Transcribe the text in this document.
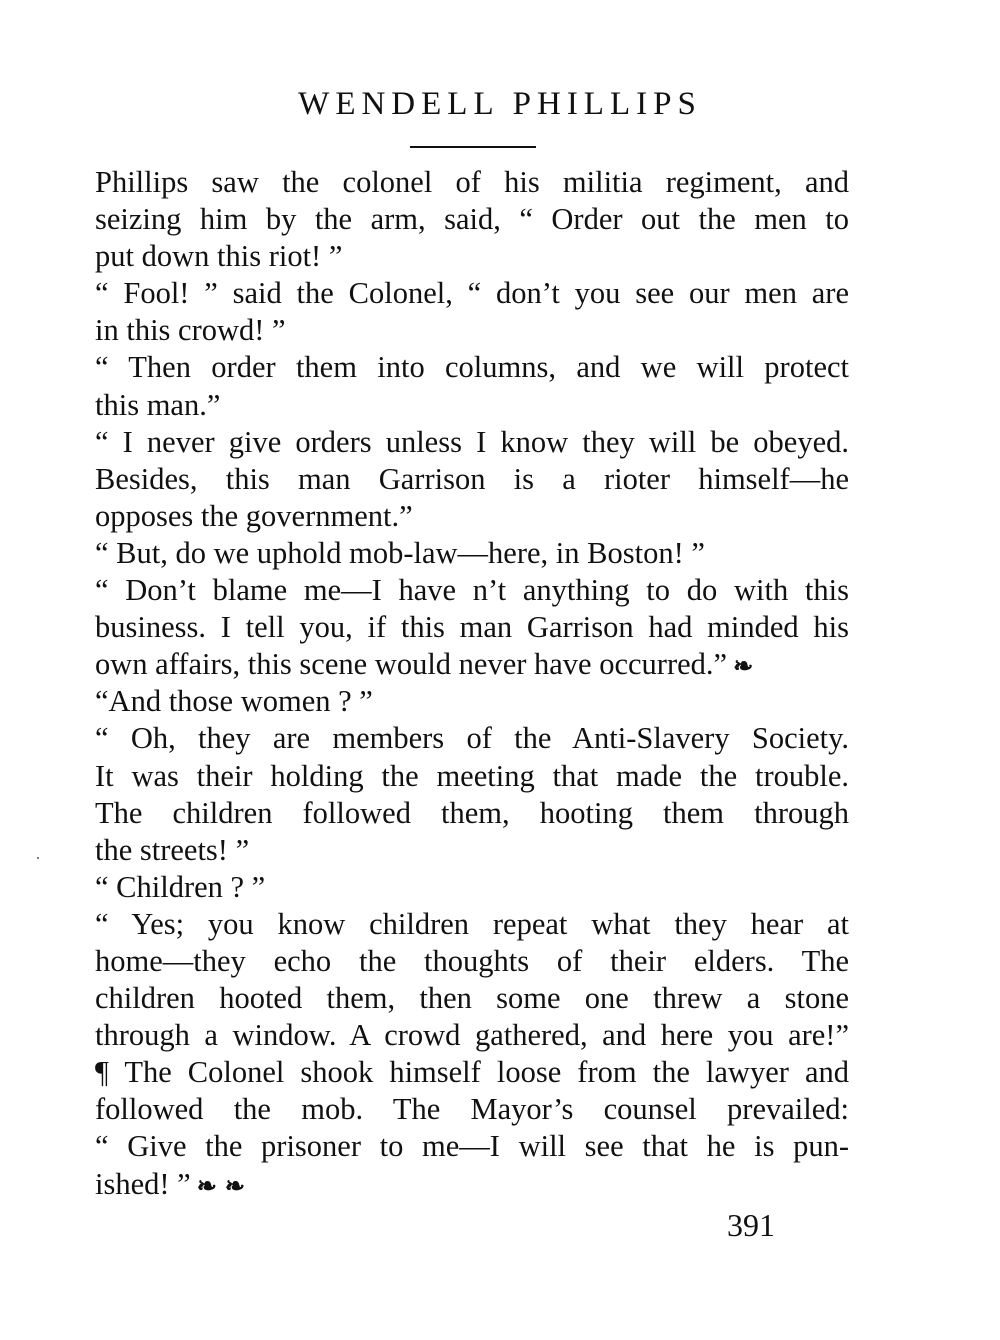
WENDELL PHILLIPS
Phillips saw the colonel of his militia regiment, and
seizing him by the arm, said, “ Order out the men to
put down this riot! ”
“ Fool! ” said the Colonel, “ don’t you see our men are
in this crowd! ”
“ Then order them into columns, and we will protect
this man.”
“ I never give orders unless I know they will be obeyed.
Besides, this man Garrison is a rioter himself—he
opposes the government.”
“ But, do we uphold mob-law—here, in Boston! ”
“ Don’t blame me—I have n’t anything to do with this
business. I tell you, if this man Garrison had minded his
own affairs, this scene would never have occurred.” ❧
“And those women ? ”
“ Oh, they are members of the Anti-Slavery Society.
It was their holding the meeting that made the trouble.
The children followed them, hooting them through
the streets! ”
“ Children ? ”
“ Yes; you know children repeat what they hear at
home—they echo the thoughts of their elders. The
children hooted them, then some one threw a stone
through a window. A crowd gathered, and here you are!”
¶ The Colonel shook himself loose from the lawyer and
followed the mob. The Mayor’s counsel prevailed:
“ Give the prisoner to me—I will see that he is pun-
ished! ” ❧ ❧
391
